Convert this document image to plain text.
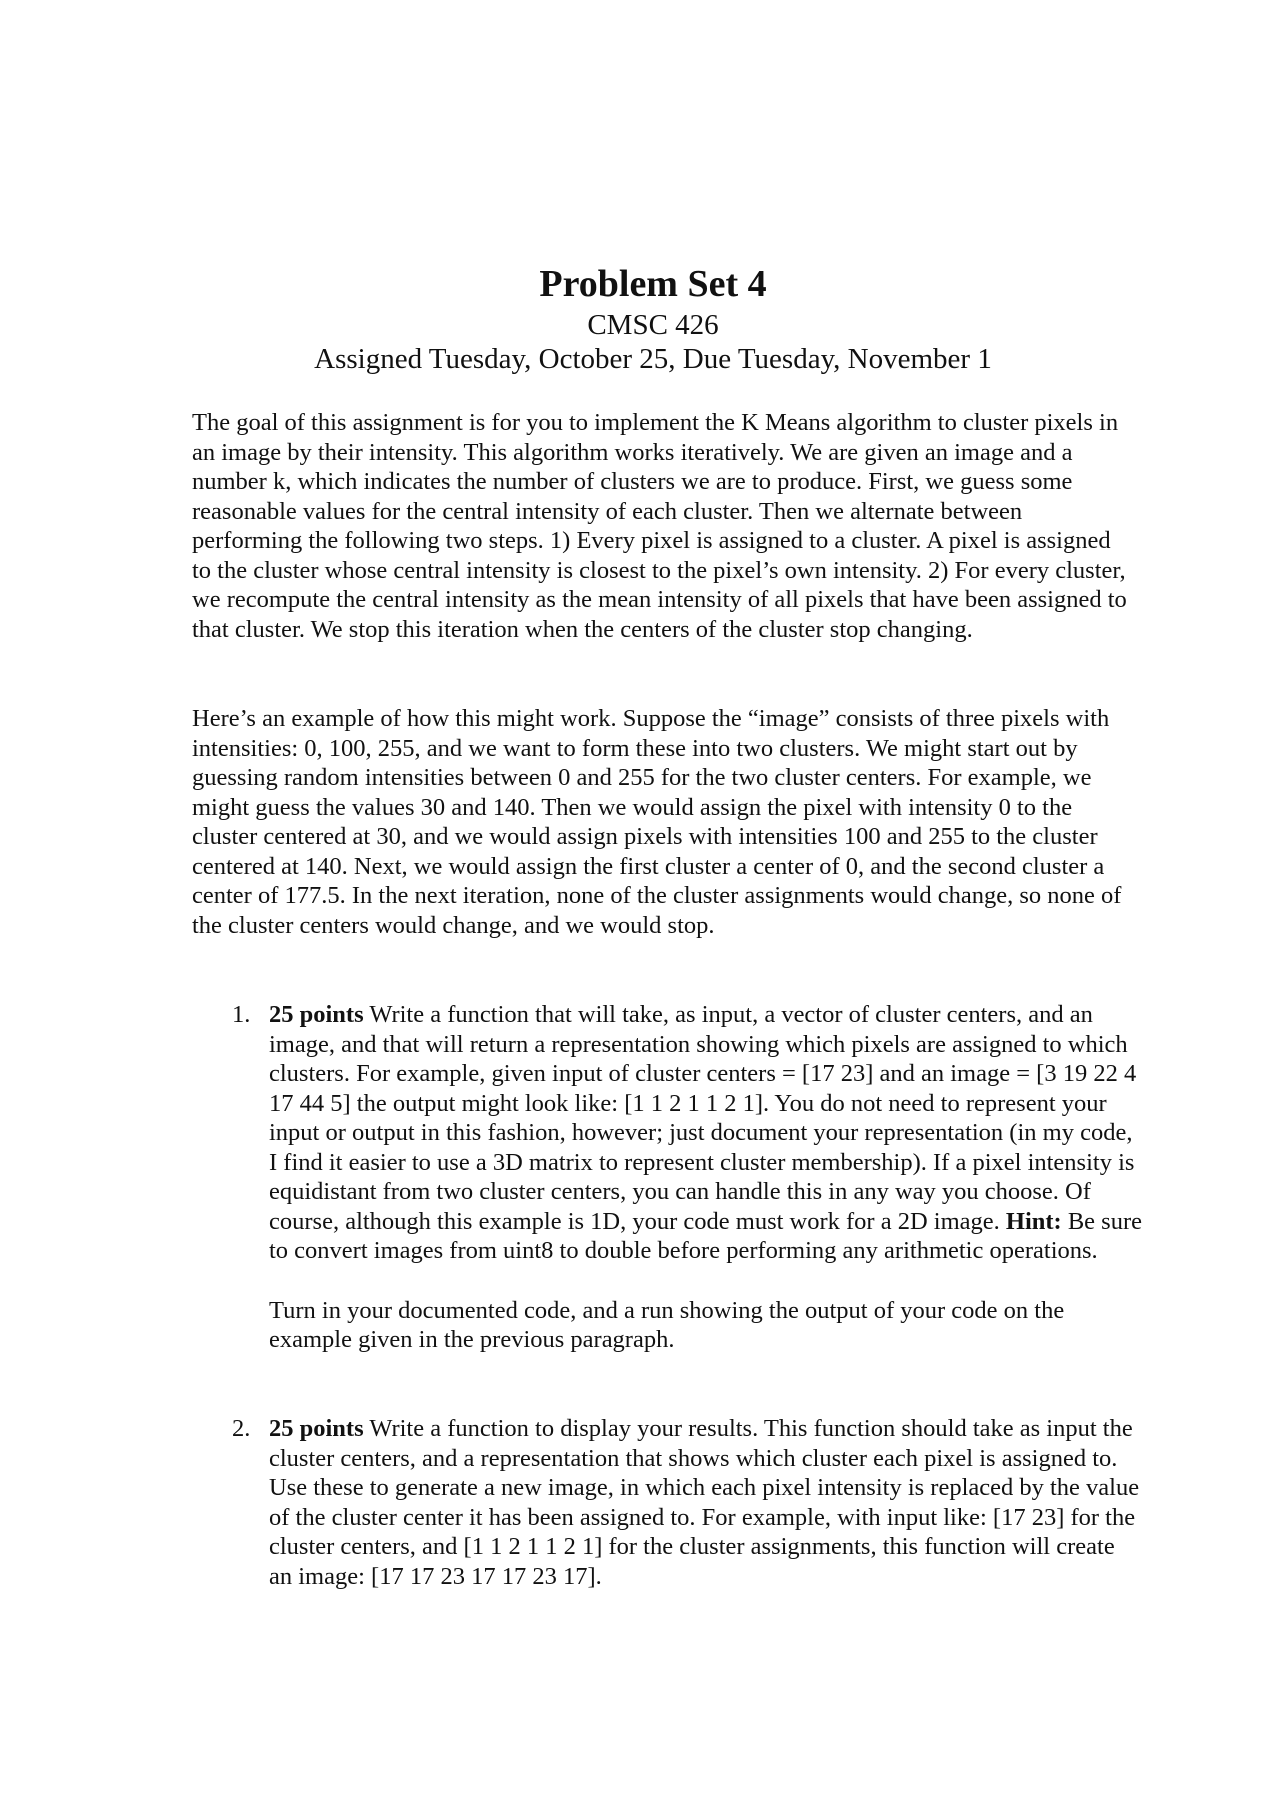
Problem Set 4
CMSC 426
Assigned Tuesday, October 25, Due Tuesday, November 1

The goal of this assignment is for you to implement the K Means algorithm to cluster pixels in an image by their intensity. This algorithm works iteratively. We are given an image and a number k, which indicates the number of clusters we are to produce. First, we guess some reasonable values for the central intensity of each cluster. Then we alternate between performing the following two steps. 1) Every pixel is assigned to a cluster. A pixel is assigned to the cluster whose central intensity is closest to the pixel’s own intensity. 2) For every cluster, we recompute the central intensity as the mean intensity of all pixels that have been assigned to that cluster. We stop this iteration when the centers of the cluster stop changing.

Here’s an example of how this might work. Suppose the “image” consists of three pixels with intensities: 0, 100, 255, and we want to form these into two clusters. We might start out by guessing random intensities between 0 and 255 for the two cluster centers. For example, we might guess the values 30 and 140. Then we would assign the pixel with intensity 0 to the cluster centered at 30, and we would assign pixels with intensities 100 and 255 to the cluster centered at 140. Next, we would assign the first cluster a center of 0, and the second cluster a center of 177.5. In the next iteration, none of the cluster assignments would change, so none of the cluster centers would change, and we would stop.

1. 25 points Write a function that will take, as input, a vector of cluster centers, and an image, and that will return a representation showing which pixels are assigned to which clusters. For example, given input of cluster centers = [17 23] and an image = [3 19 22 4 17 44 5] the output might look like: [1 1 2 1 1 2 1]. You do not need to represent your input or output in this fashion, however; just document your representation (in my code, I find it easier to use a 3D matrix to represent cluster membership). If a pixel intensity is equidistant from two cluster centers, you can handle this in any way you choose. Of course, although this example is 1D, your code must work for a 2D image. Hint: Be sure to convert images from uint8 to double before performing any arithmetic operations.

Turn in your documented code, and a run showing the output of your code on the example given in the previous paragraph.

2. 25 points Write a function to display your results. This function should take as input the cluster centers, and a representation that shows which cluster each pixel is assigned to. Use these to generate a new image, in which each pixel intensity is replaced by the value of the cluster center it has been assigned to. For example, with input like: [17 23] for the cluster centers, and [1 1 2 1 1 2 1] for the cluster assignments, this function will create an image: [17 17 23 17 17 23 17].
